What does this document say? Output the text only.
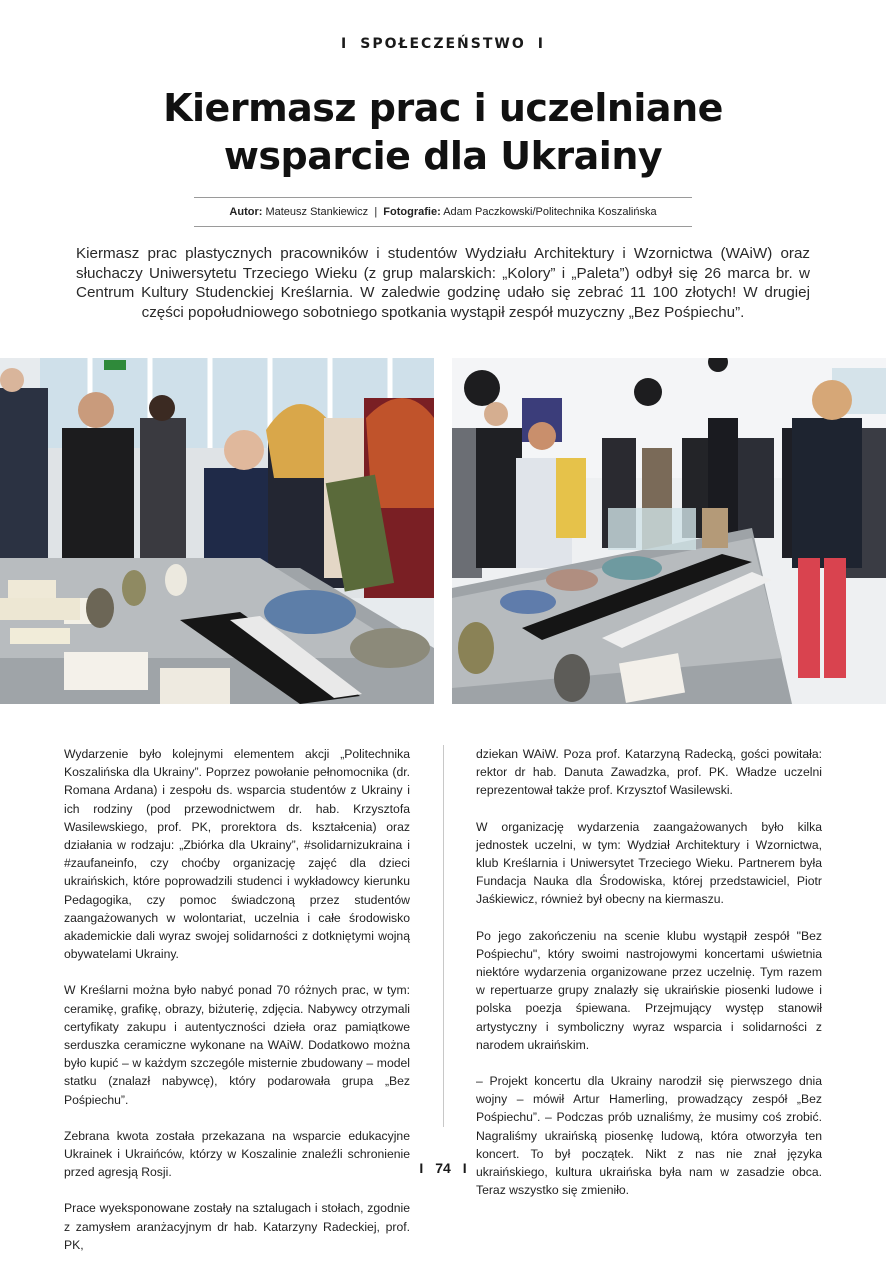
I SPOŁECZEŃSTWO I
Kiermasz prac i uczelniane
wsparcie dla Ukrainy
Autor: Mateusz Stankiewicz | Fotografie: Adam Paczkowski/Politechnika Koszalińska
Kiermasz prac plastycznych pracowników i studentów Wydziału Architektury i Wzornictwa (WAiW) oraz słuchaczy Uniwersytetu Trzeciego Wieku (z grup malarskich: „Kolory” i „Paleta”) odbył się 26 marca br. w Centrum Kultury Studenckiej Kreślarnia. W zaledwie godzinę udało się zebrać 11 100 złotych! W drugiej części popołudniowego sobotniego spotkania wystąpił zespół muzyczny „Bez Pośpiechu”.

Wydarzenie było kolejnymi elementem akcji „Politechnika Koszalińska dla Ukrainy”. Poprzez powołanie pełnomocnika (dr. Romana Ardana) i zespołu ds. wsparcia studentów z Ukrainy i ich rodziny (pod przewodnictwem dr. hab. Krzysztofa Wasilewskiego, prof. PK, prorektora ds. kształcenia) oraz działania w rodzaju: „Zbiórka dla Ukrainy”, #solidarnizukraina i #zaufaneinfo, czy choćby organizację zajęć dla dzieci ukraińskich, które poprowadzili studenci i wykładowcy kierunku Pedagogika, czy pomoc świadczoną przez studentów zaangażowanych w wolontariat, uczelnia i całe środowisko akademickie dali wyraz swojej solidarności z dotkniętymi wojną obywatelami Ukrainy.

W Kreślarni można było nabyć ponad 70 różnych prac, w tym: ceramikę, grafikę, obrazy, biżuterię, zdjęcia. Nabywcy otrzymali certyfikaty zakupu i autentyczności dzieła oraz pamiątkowe serduszka ceramiczne wykonane na WAiW. Dodatkowo można było kupić – w każdym szczególe misternie zbudowany – model statku (znalazł nabywcę), który podarowała grupa „Bez Pośpiechu”.

Zebrana kwota została przekazana na wsparcie edukacyjne Ukrainek i Ukraińców, którzy w Koszalinie znaleźli schronienie przed agresją Rosji.

Prace wyeksponowane zostały na sztalugach i stołach, zgodnie z zamysłem aranżacyjnym dr hab. Katarzyny Radeckiej, prof. PK,

dziekan WAiW. Poza prof. Katarzyną Radecką, gości powitała: rektor dr hab. Danuta Zawadzka, prof. PK. Władze uczelni reprezentował także prof. Krzysztof Wasilewski.

W organizację wydarzenia zaangażowanych było kilka jednostek uczelni, w tym: Wydział Architektury i Wzornictwa, klub Kreślarnia i Uniwersytet Trzeciego Wieku. Partnerem była Fundacja Nauka dla Środowiska, której przedstawiciel, Piotr Jaśkiewicz, również był obecny na kiermaszu.

Po jego zakończeniu na scenie klubu wystąpił zespół "Bez Pośpiechu", który swoimi nastrojowymi koncertami uświetnia niektóre wydarzenia organizowane przez uczelnię. Tym razem w repertuarze grupy znalazły się ukraińskie piosenki ludowe i polska poezja śpiewana. Przejmujący występ stanowił artystyczny i symboliczny wyraz wsparcia i solidarności z narodem ukraińskim.

– Projekt koncertu dla Ukrainy narodził się pierwszego dnia wojny – mówił Artur Hamerling, prowadzący zespół „Bez Pośpiechu”. – Podczas prób uznaliśmy, że musimy coś zrobić. Nagraliśmy ukraińską piosenkę ludową, która otworzyła ten koncert. To był początek. Nikt z nas nie znał języka ukraińskiego, kultura ukraińska była nam w zasadzie obca. Teraz wszystko się zmieniło.

I 74 I
